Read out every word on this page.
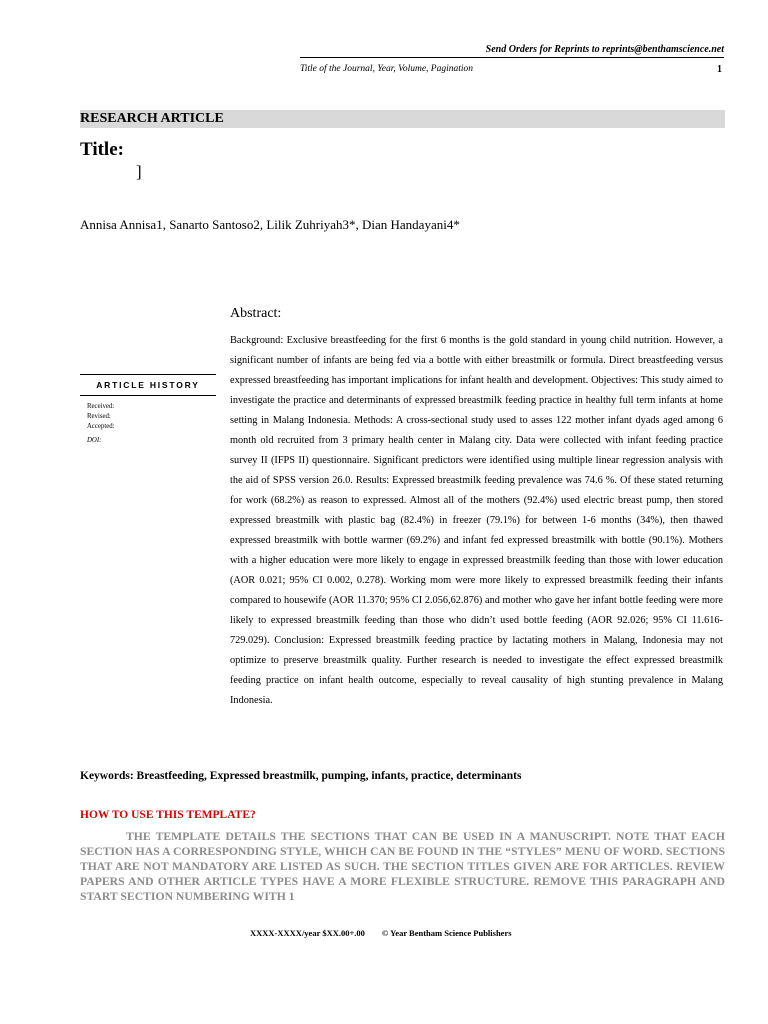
Send Orders for Reprints to reprints@benthamscience.net
Title of the Journal, Year, Volume, Pagination	1
RESEARCH ARTICLE
Title:
]
Annisa Annisa1, Sanarto Santoso2, Lilik Zuhriyah3*, Dian Handayani4*
Abstract:
Background: Exclusive breastfeeding for the first 6 months is the gold standard in young child nutrition. However, a significant number of infants are being fed via a bottle with either breastmilk or formula. Direct breastfeeding versus expressed breastfeeding has important implications for infant health and development. Objectives: This study aimed to investigate the practice and determinants of expressed breastmilk feeding practice in healthy full term infants at home setting in Malang Indonesia. Methods: A cross-sectional study used to asses 122 mother infant dyads aged among 6 month old recruited from 3 primary health center in Malang city. Data were collected with infant feeding practice survey II (IFPS II) questionnaire. Significant predictors were identified using multiple linear regression analysis with the aid of SPSS version 26.0. Results: Expressed breastmilk feeding prevalence was 74.6 %. Of these stated returning for work (68.2%) as reason to expressed. Almost all of the mothers (92.4%) used electric breast pump, then stored expressed breastmilk with plastic bag (82.4%) in freezer (79.1%) for between 1-6 months (34%), then thawed expressed breastmilk with bottle warmer (69.2%) and infant fed expressed breastmilk with bottle (90.1%). Mothers with a higher education were more likely to engage in expressed breastmilk feeding than those with lower education (AOR 0.021; 95% CI 0.002, 0.278). Working mom were more likely to expressed breastmilk feeding their infants compared to housewife (AOR 11.370; 95% CI 2.056,62.876) and mother who gave her infant bottle feeding were more likely to expressed breastmilk feeding than those who didn’t used bottle feeding (AOR 92.026; 95% CI 11.616-729.029). Conclusion: Expressed breastmilk feeding practice by lactating mothers in Malang, Indonesia may not optimize to preserve breastmilk quality. Further research is needed to investigate the effect expressed breastmilk feeding practice on infant health outcome, especially to reveal causality of high stunting prevalence in Malang Indonesia.
ARTICLE HISTORY
Received:
Revised:
Accepted:
DOI:
Keywords: Breastfeeding, Expressed breastmilk, pumping, infants, practice, determinants
HOW TO USE THIS TEMPLATE?
THE TEMPLATE DETAILS THE SECTIONS THAT CAN BE USED IN A MANUSCRIPT. NOTE THAT EACH SECTION HAS A CORRESPONDING STYLE, WHICH CAN BE FOUND IN THE “STYLES” MENU OF WORD. SECTIONS THAT ARE NOT MANDATORY ARE LISTED AS SUCH. THE SECTION TITLES GIVEN ARE FOR ARTICLES. REVIEW PAPERS AND OTHER ARTICLE TYPES HAVE A MORE FLEXIBLE STRUCTURE. REMOVE THIS PARAGRAPH AND START SECTION NUMBERING WITH 1
XXXX-XXXX/year $XX.00+.00        © Year Bentham Science Publishers
